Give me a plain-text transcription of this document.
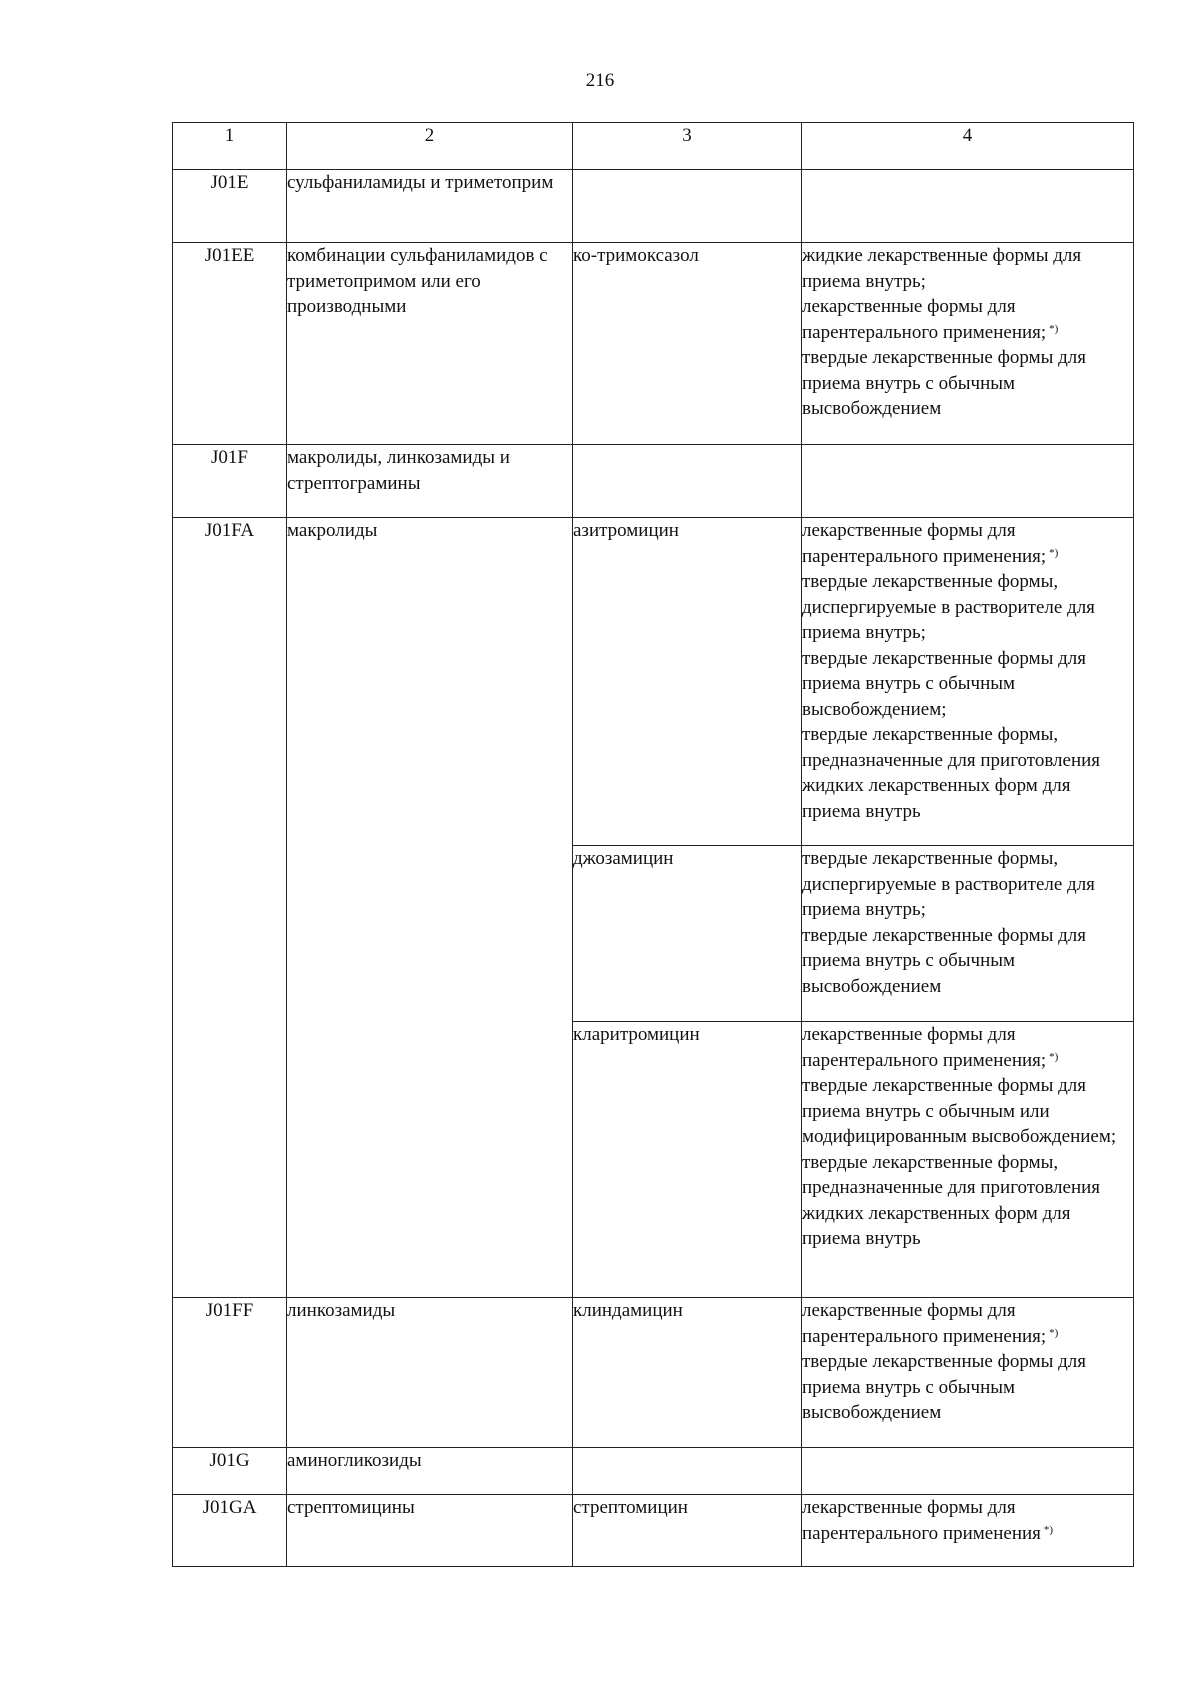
216
1	2	3	4
J01E	сульфаниламиды и триметоприм		
J01EE	комбинации сульфаниламидов с триметопримом или его производными	ко-тримоксазол	жидкие лекарственные формы для приема внутрь;
лекарственные формы для парентерального применения; *)
твердые лекарственные формы для приема внутрь с обычным высвобождением

J01F	макролиды, линкозамиды и стрептограмины		
J01FA	макролиды	азитромицин	лекарственные формы для парентерального применения; *)
твердые лекарственные формы, диспергируемые в растворителе для приема внутрь;
твердые лекарственные формы для приема внутрь с обычным высвобождением;
твердые лекарственные формы, предназначенные для приготовления жидких лекарственных форм для приема внутрь

		джозамицин	твердые лекарственные формы, диспергируемые в растворителе для приема внутрь;
твердые лекарственные формы для приема внутрь с обычным высвобождением

		кларитромицин	лекарственные формы для парентерального применения; *)
твердые лекарственные формы для приема внутрь с обычным или модифицированным высвобождением;
твердые лекарственные формы, предназначенные для приготовления жидких лекарственных форм для приема внутрь

J01FF	линкозамиды	клиндамицин	лекарственные формы для парентерального применения; *)
твердые лекарственные формы для приема внутрь с обычным высвобождением

J01G	аминогликозиды		
J01GA	стрептомицины	стрептомицин	лекарственные формы для парентерального применения *)
